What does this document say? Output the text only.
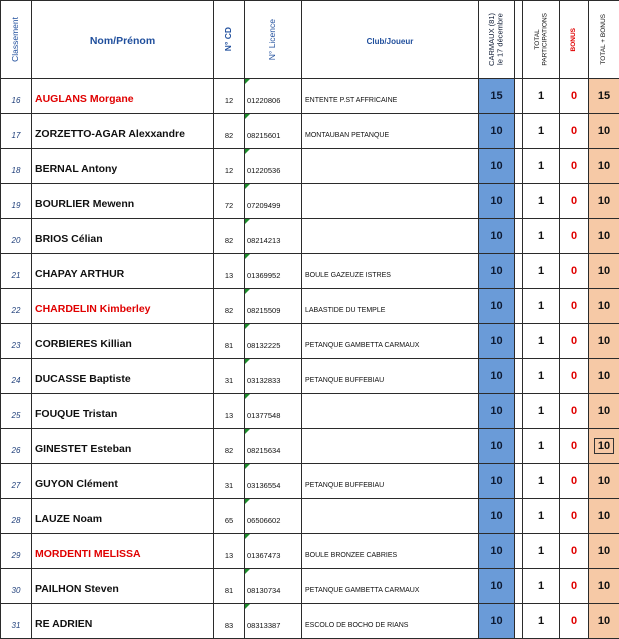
Classement	Nom/Prénom	N° CD	N° Licence	Club/Joueur	CARMAUX (81)
le 17 décembre		TOTAL
PARTICIPATIONS	BONUS	TOTAL + BONUS

16	AUGLANS Morgane	12	01220806	ENTENTE P.ST AFFRICAINE	15		1	0	15
17	ZORZETTO-AGAR Alexxandre	82	08215601	MONTAUBAN PETANQUE	10		1	0	10
18	BERNAL Antony	12	01220536		10		1	0	10
19	BOURLIER Mewenn	72	07209499		10		1	0	10
20	BRIOS Célian	82	08214213		10		1	0	10
21	CHAPAY ARTHUR	13	01369952	BOULE GAZEUZE ISTRES	10		1	0	10
22	CHARDELIN Kimberley	82	08215509	LABASTIDE DU TEMPLE	10		1	0	10
23	CORBIERES Killian	81	08132225	PETANQUE GAMBETTA CARMAUX	10		1	0	10
24	DUCASSE Baptiste	31	03132833	PETANQUE BUFFEBIAU	10		1	0	10
25	FOUQUE Tristan	13	01377548		10		1	0	10
26	GINESTET Esteban	82	08215634		10		1	0	10
27	GUYON Clément	31	03136554	PETANQUE BUFFEBIAU	10		1	0	10
28	LAUZE Noam	65	06506602		10		1	0	10
29	MORDENTI MELISSA	13	01367473	BOULE BRONZEE CABRIES	10		1	0	10
30	PAILHON Steven	81	08130734	PETANQUE GAMBETTA CARMAUX	10		1	0	10
31	RE ADRIEN	83	08313387	ESCOLO DE BOCHO DE RIANS	10		1	0	10
